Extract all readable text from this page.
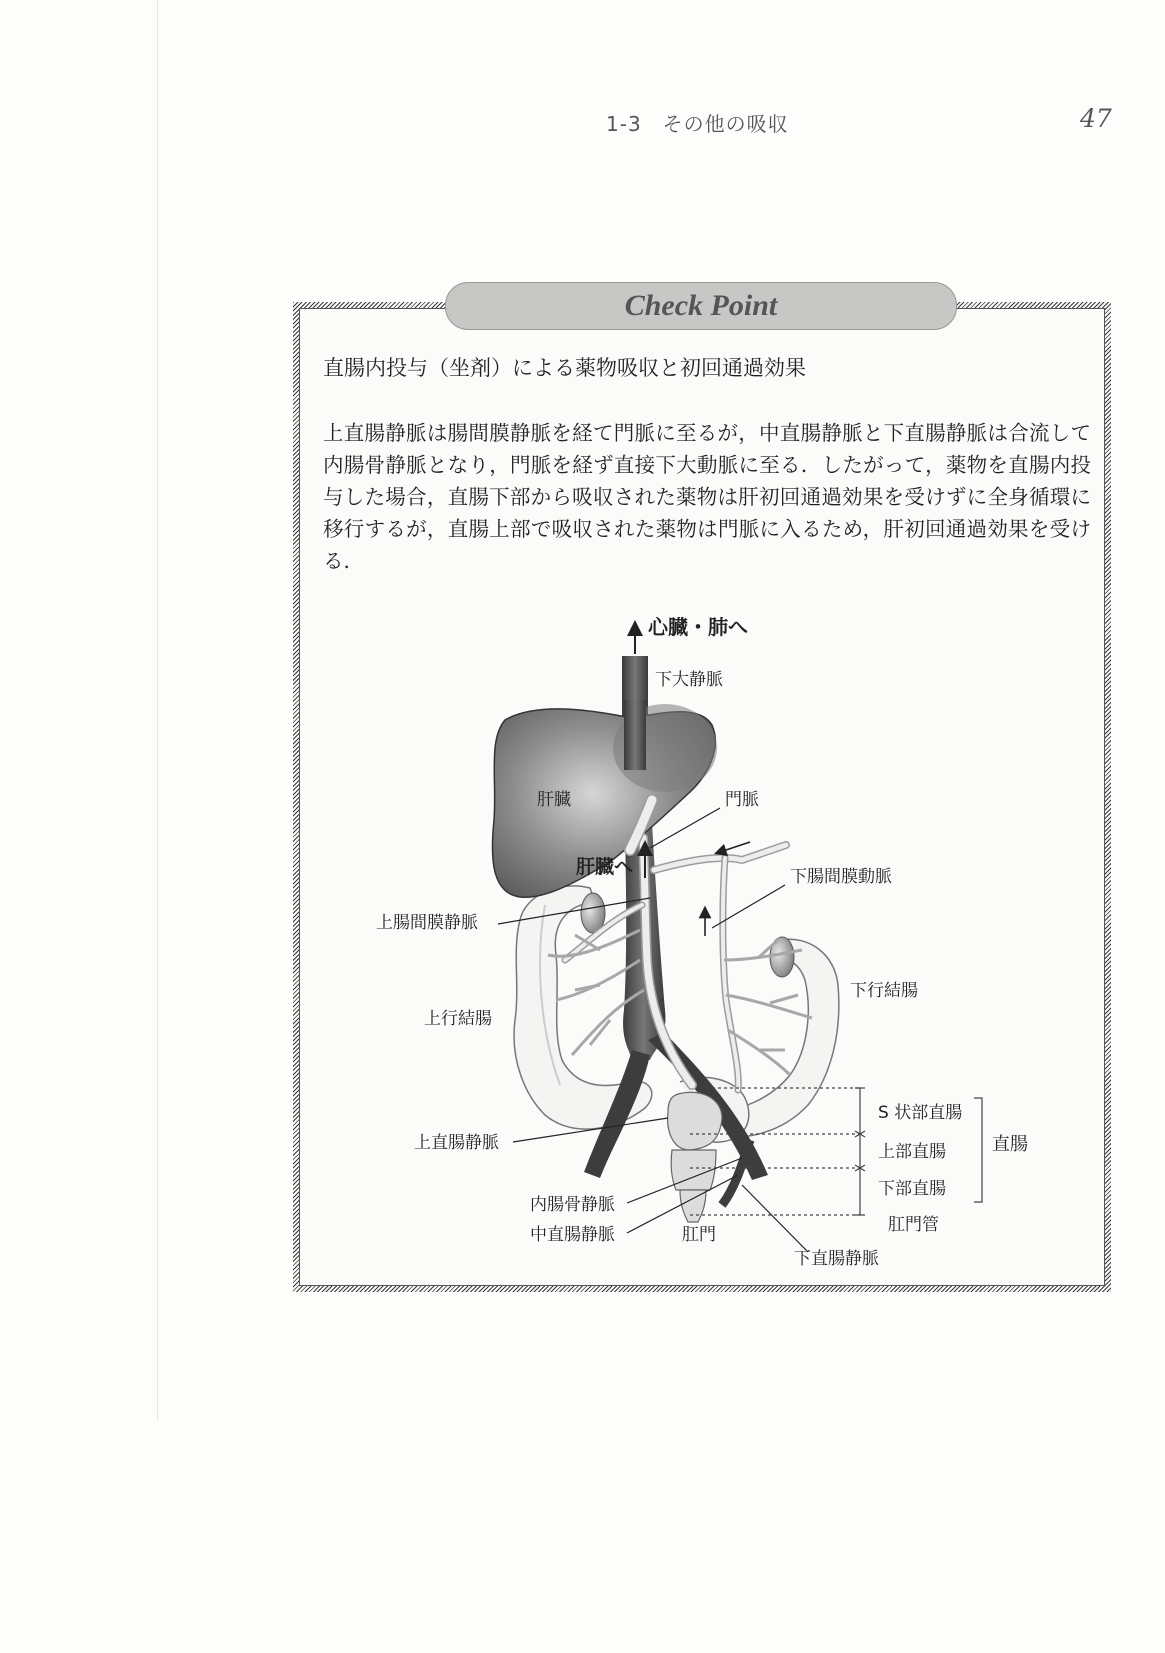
1-3　その他の吸収	47
Check Point
直腸内投与（坐剤）による薬物吸収と初回通過効果
上直腸静脈は腸間膜静脈を経て門脈に至るが，中直腸静脈と下直腸静脈は合流して内腸骨静脈となり，門脈を経ず直接下大動脈に至る．したがって，薬物を直腸内投与した場合，直腸下部から吸収された薬物は肝初回通過効果を受けずに全身循環に移行するが，直腸上部で吸収された薬物は門脈に入るため，肝初回通過効果を受ける．
心臓・肺へ
下大静脈
肝臓	門脈
肝臓へ	下腸間膜動脈
上腸間膜静脈
下行結腸
上行結腸
S 状部直腸
上部直腸
下部直腸
直腸
肛門管
上直腸静脈
内腸骨静脈
中直腸静脈	肛門
下直腸静脈
